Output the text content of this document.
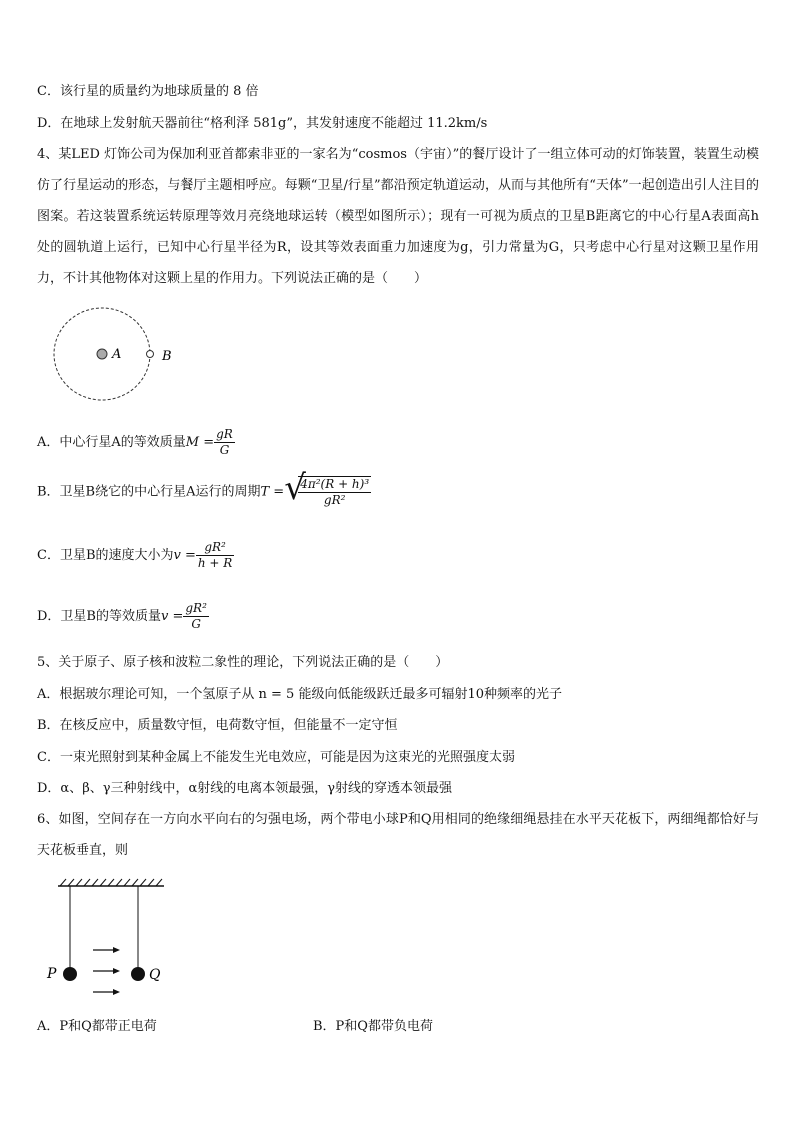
C．该行星的质量约为地球质量的 8 倍
D．在地球上发射航天器前往“格利泽 581g”，其发射速度不能超过 11.2km/s
4、某LED 灯饰公司为保加利亚首都索非亚的一家名为“cosmos（宇宙）”的餐厅设计了一组立体可动的灯饰装置，装置生动模仿了行星运动的形态，与餐厅主题相呼应。每颗“卫星/行星”都沿预定轨道运动，从而与其他所有“天体”一起创造出引人注目的图案。若这装置系统运转原理等效月亮绕地球运转（模型如图所示）；现有一可视为质点的卫星B距离它的中心行星A表面高h处的圆轨道上运行，已知中心行星半径为R，设其等效表面重力加速度为g，引力常量为G，只考虑中心行星对这颗卫星作用力，不计其他物体对这颗上星的作用力。下列说法正确的是（　　）
A	B
A．中心行星A的等效质量$M = \frac{gR}{G}$
B．卫星B绕它的中心行星A运行的周期T =
√ $\frac{\text{4π²(R + h)³}}{\text{gR²}}$
C．卫星B的速度大小为$v = \frac{\text{gR²}}{h + R}$
D．卫星B的等效质量$v = \frac{\text{gR²}}{G}$
5、关于原子、原子核和波粒二象性的理论，下列说法正确的是（　　）
A．根据玻尔理论可知，一个氢原子从 n = 5 能级向低能级跃迁最多可辐射10种频率的光子
B．在核反应中，质量数守恒，电荷数守恒，但能量不一定守恒
C．一束光照射到某种金属上不能发生光电效应，可能是因为这束光的光照强度太弱
D．α、β、γ三种射线中，α射线的电离本领最强，γ射线的穿透本领最强
6、如图，空间存在一方向水平向右的匀强电场，两个带电小球P和Q用相同的绝缘细绳悬挂在水平天花板下，两细绳都恰好与天花板垂直，则
P	Q
A．P和Q都带正电荷	B．P和Q都带负电荷
